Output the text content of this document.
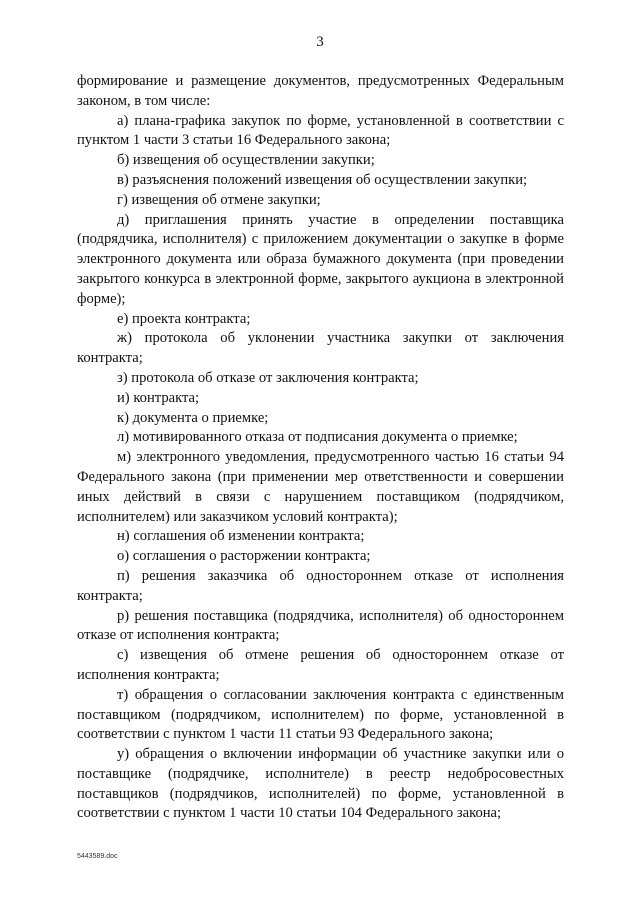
3

формирование и размещение документов, предусмотренных Федеральным законом, в том числе:

а) плана-графика закупок по форме, установленной в соответствии с пунктом 1 части 3 статьи 16 Федерального закона;

б) извещения об осуществлении закупки;

в) разъяснения положений извещения об осуществлении закупки;

г) извещения об отмене закупки;

д) приглашения принять участие в определении поставщика (подрядчика, исполнителя) с приложением документации о закупке в форме электронного документа или образа бумажного документа (при проведении закрытого конкурса в электронной форме, закрытого аукциона в электронной форме);

е) проекта контракта;

ж) протокола об уклонении участника закупки от заключения контракта;

з) протокола об отказе от заключения контракта;

и) контракта;

к) документа о приемке;

л) мотивированного отказа от подписания документа о приемке;

м) электронного уведомления, предусмотренного частью 16 статьи 94 Федерального закона (при применении мер ответственности и совершении иных действий в связи с нарушением поставщиком (подрядчиком, исполнителем) или заказчиком условий контракта);

н) соглашения об изменении контракта;

о) соглашения о расторжении контракта;

п) решения заказчика об одностороннем отказе от исполнения контракта;

р) решения поставщика (подрядчика, исполнителя) об одностороннем отказе от исполнения контракта;

с) извещения об отмене решения об одностороннем отказе от исполнения контракта;

т) обращения о согласовании заключения контракта с единственным поставщиком (подрядчиком, исполнителем) по форме, установленной в соответствии с пунктом 1 части 11 статьи 93 Федерального закона;

у) обращения о включении информации об участнике закупки или о поставщике (подрядчике, исполнителе) в реестр недобросовестных поставщиков (подрядчиков, исполнителей) по форме, установленной в соответствии с пунктом 1 части 10 статьи 104 Федерального закона;

5443589.doc
